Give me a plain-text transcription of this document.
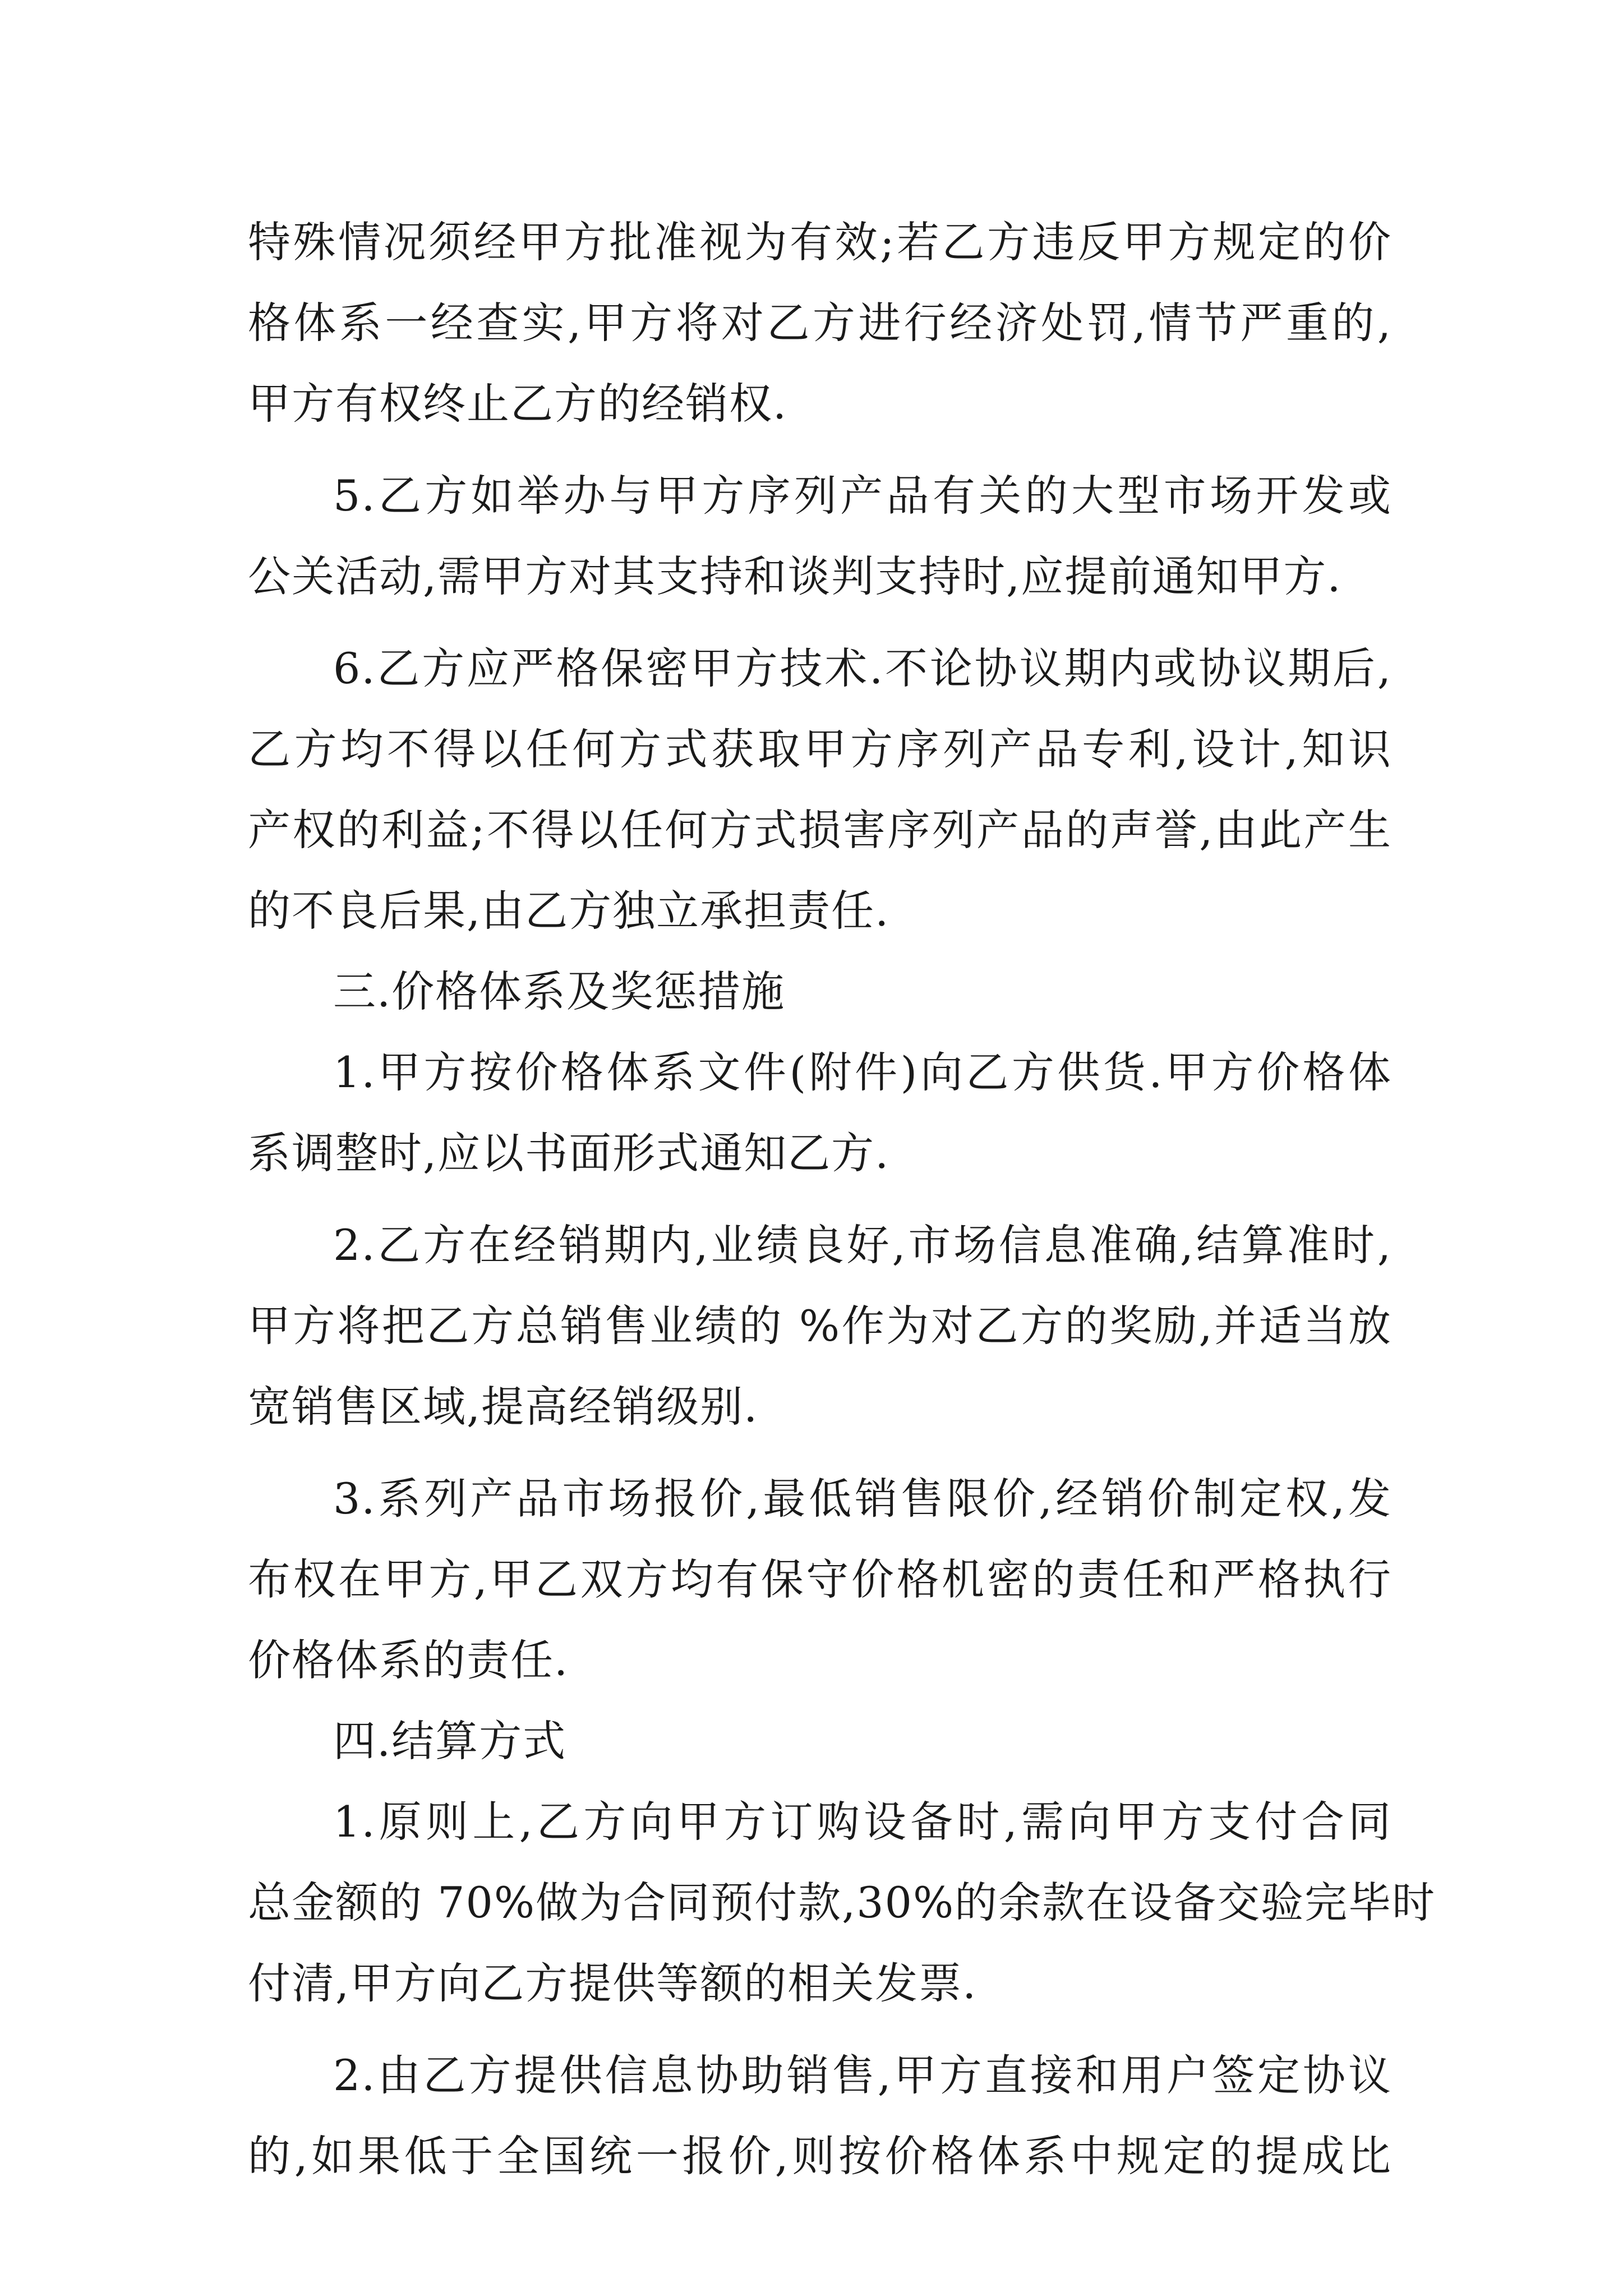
特殊情况须经甲方批准视为有效;若乙方违反甲方规定的价
格体系一经查实,甲方将对乙方进行经济处罚,情节严重的,
甲方有权终止乙方的经销权.
5.乙方如举办与甲方序列产品有关的大型市场开发或
公关活动,需甲方对其支持和谈判支持时,应提前通知甲方.
6.乙方应严格保密甲方技术.不论协议期内或协议期后,
乙方均不得以任何方式获取甲方序列产品专利,设计,知识
产权的利益;不得以任何方式损害序列产品的声誉,由此产生
的不良后果,由乙方独立承担责任.
三.价格体系及奖惩措施
1.甲方按价格体系文件(附件)向乙方供货.甲方价格体
系调整时,应以书面形式通知乙方.
2.乙方在经销期内,业绩良好,市场信息准确,结算准时,
甲方将把乙方总销售业绩的 %作为对乙方的奖励,并适当放
宽销售区域,提高经销级别.
3.系列产品市场报价,最低销售限价,经销价制定权,发
布权在甲方,甲乙双方均有保守价格机密的责任和严格执行
价格体系的责任.
四.结算方式
1.原则上,乙方向甲方订购设备时,需向甲方支付合同
总金额的 70%做为合同预付款,30%的余款在设备交验完毕时
付清,甲方向乙方提供等额的相关发票.
2.由乙方提供信息协助销售,甲方直接和用户签定协议
的,如果低于全国统一报价,则按价格体系中规定的提成比
